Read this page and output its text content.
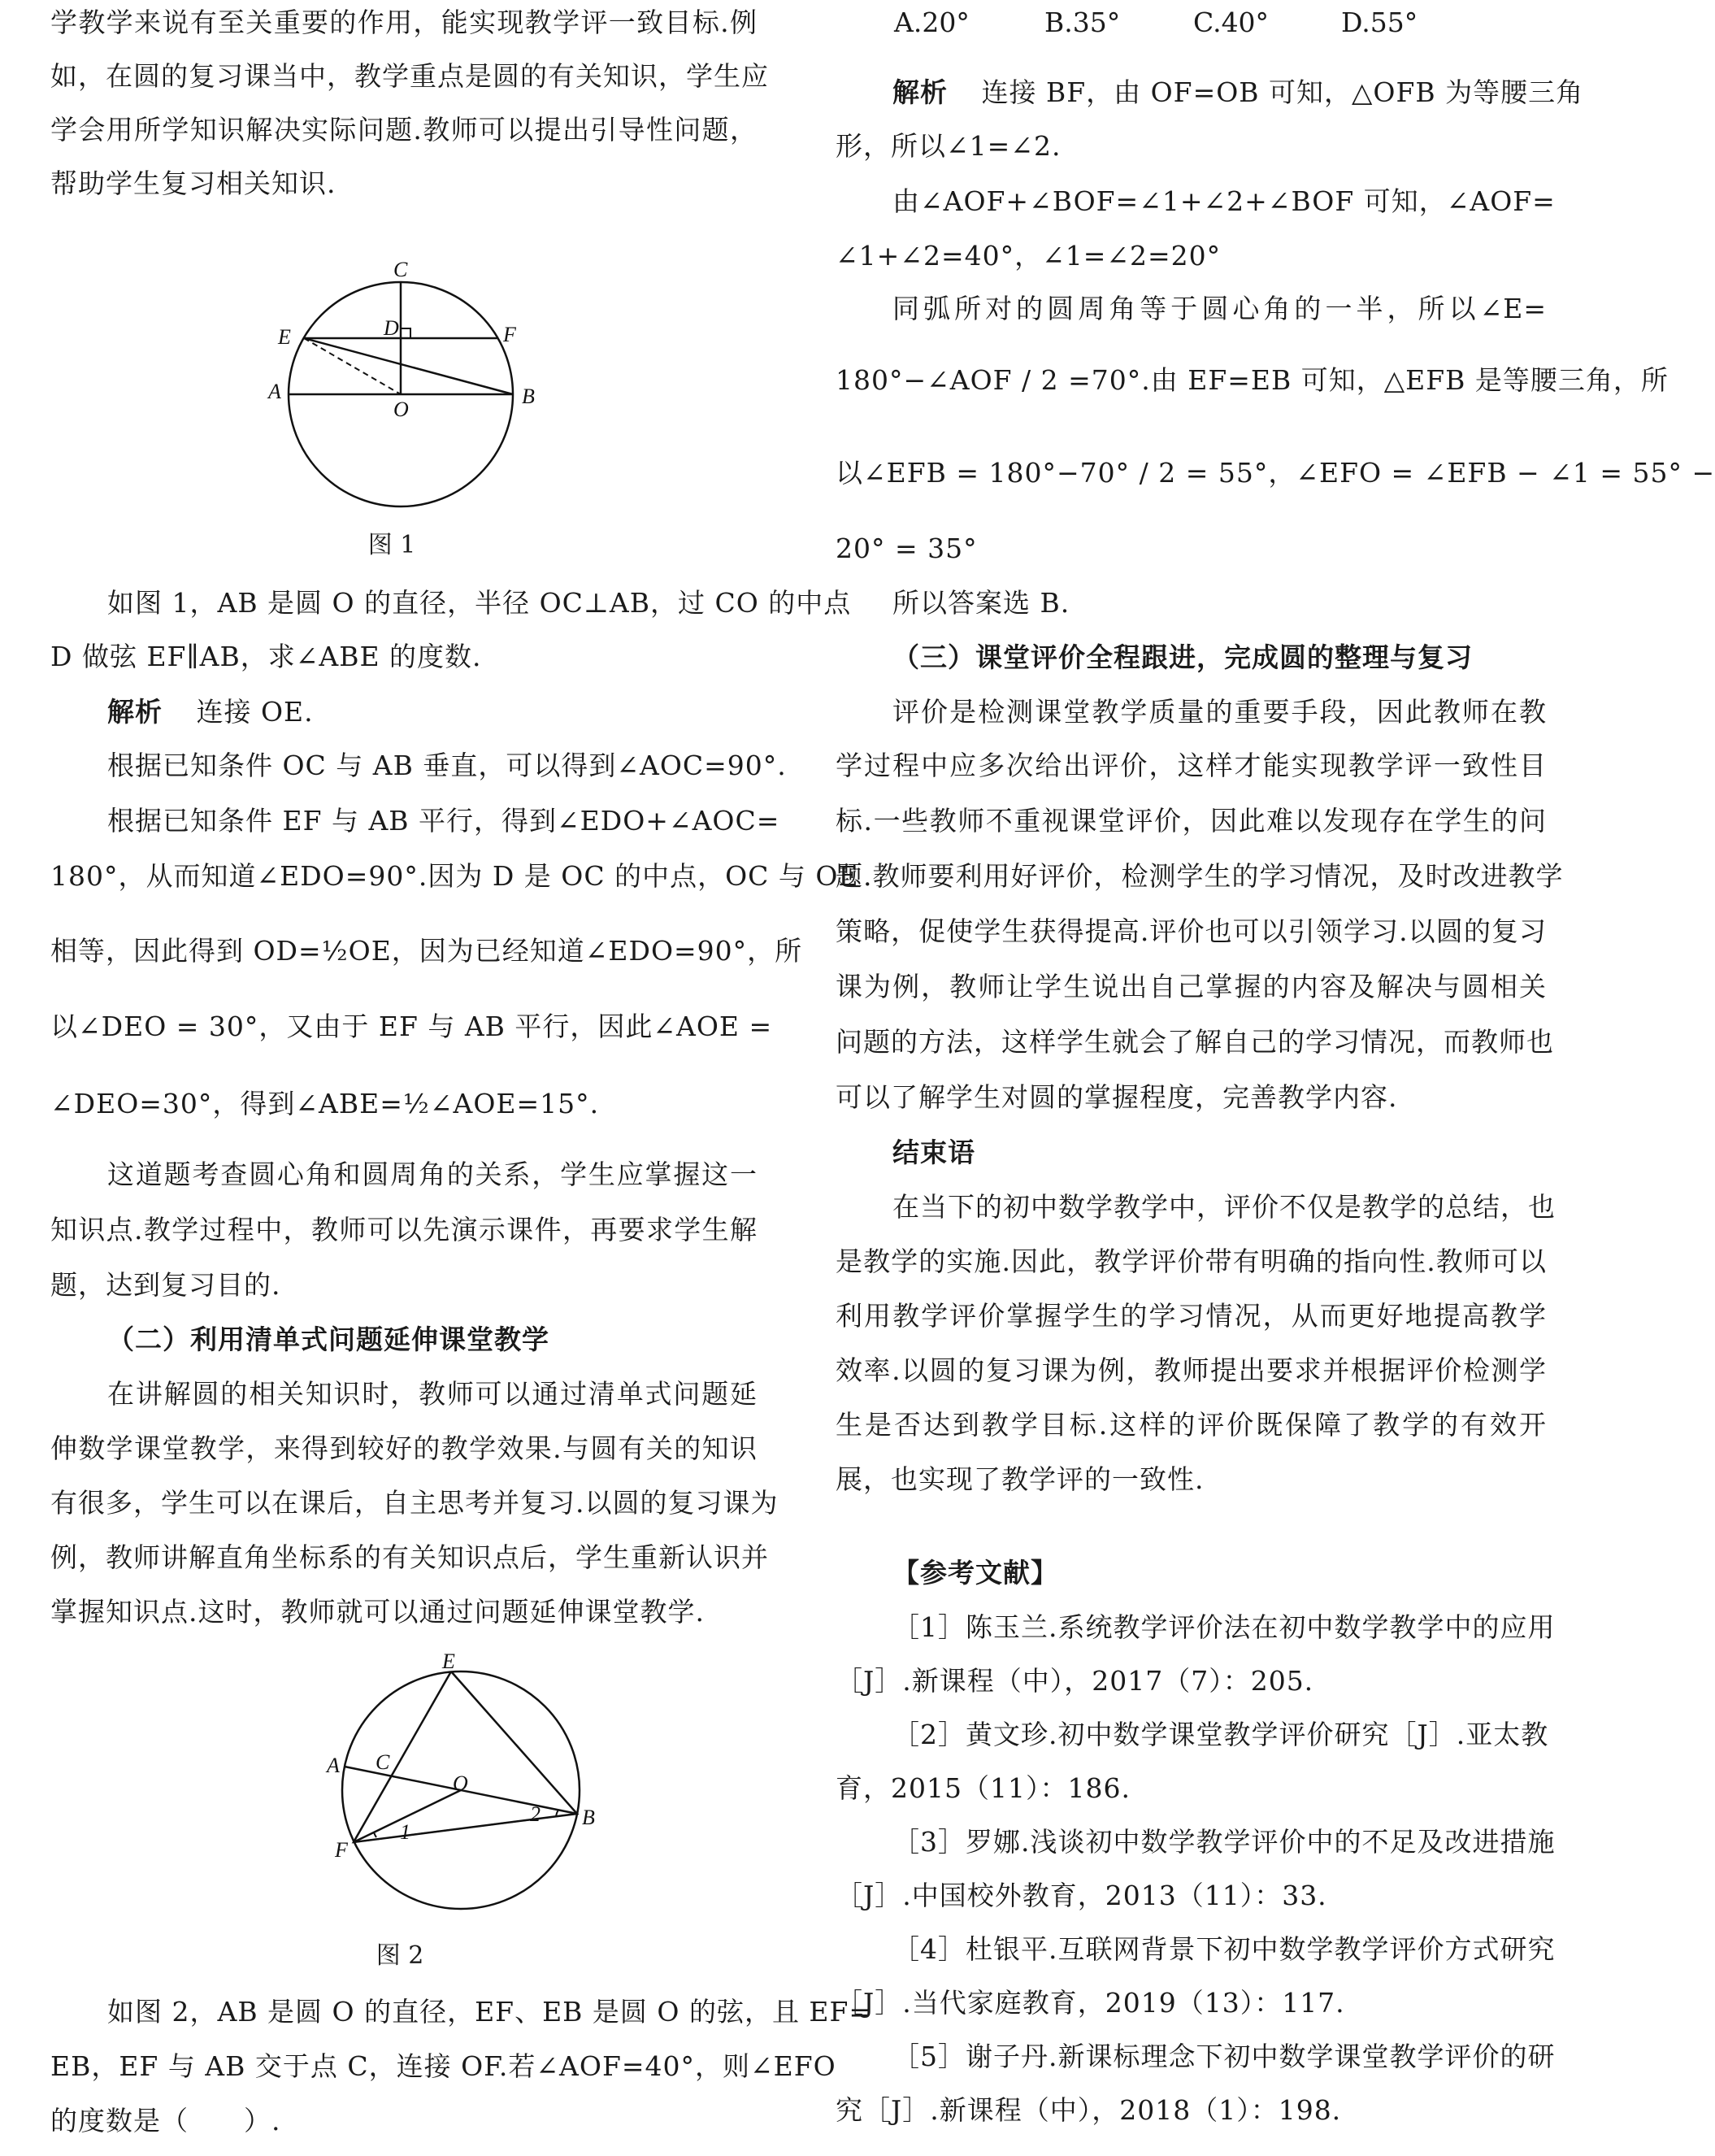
学教学来说有至关重要的作用，能实现教学评一致目标.例
如，在圆的复习课当中，教学重点是圆的有关知识，学生应
学会用所学知识解决实际问题.教师可以提出引导性问题，
帮助学生复习相关知识.
C
E	D	F
A
O
B
图 1
如图 1，AB 是圆 O 的直径，半径 OC⊥AB，过 CO 的中点
D 做弦 EF∥AB，求∠ABE 的度数.
解析 连接 OE.
根据已知条件 OC 与 AB 垂直，可以得到∠AOC=90°.
根据已知条件 EF 与 AB 平行，得到∠EDO+∠AOC=
180°，从而知道∠EDO=90°.因为 D 是 OC 的中点，OC 与 OE
相等，因此得到 OD=½OE，因为已经知道∠EDO=90°，所
以∠DEO = 30°，又由于 EF 与 AB 平行，因此∠AOE =
∠DEO=30°，得到∠ABE=½∠AOE=15°.
这道题考查圆心角和圆周角的关系，学生应掌握这一
知识点.教学过程中，教师可以先演示课件，再要求学生解
题，达到复习目的.
（二）利用清单式问题延伸课堂教学
在讲解圆的相关知识时，教师可以通过清单式问题延
伸数学课堂教学，来得到较好的教学效果.与圆有关的知识
有很多，学生可以在课后，自主思考并复习.以圆的复习课为
例，教师讲解直角坐标系的有关知识点后，学生重新认识并
掌握知识点.这时，教师就可以通过问题延伸课堂教学.
E
A C
O
F
B
1
2
图 2
如图 2，AB 是圆 O 的直径，EF、EB 是圆 O 的弦，且 EF=
EB，EF 与 AB 交于点 C，连接 OF.若∠AOF=40°，则∠EFO
的度数是（　　）.
A.20°	B.35°	C.40°	D.55°
解析 连接 BF，由 OF=OB 可知，△OFB 为等腰三角
形，所以∠1=∠2.
由∠AOF+∠BOF=∠1+∠2+∠BOF 可知，∠AOF=
∠1+∠2=40°，∠1=∠2=20°
同弧所对的圆周角等于圆心角的一半，所以∠E=
180°−∠AOF / 2 =70°.由 EF=EB 可知，△EFB 是等腰三角，所
以∠EFB = 180°−70° / 2 = 55°，∠EFO = ∠EFB − ∠1 = 55° −
20° = 35°
所以答案选 B.
（三）课堂评价全程跟进，完成圆的整理与复习
评价是检测课堂教学质量的重要手段，因此教师在教
学过程中应多次给出评价，这样才能实现教学评一致性目
标.一些教师不重视课堂评价，因此难以发现存在学生的问
题.教师要利用好评价，检测学生的学习情况，及时改进教学
策略，促使学生获得提高.评价也可以引领学习.以圆的复习
课为例，教师让学生说出自己掌握的内容及解决与圆相关
问题的方法，这样学生就会了解自己的学习情况，而教师也
可以了解学生对圆的掌握程度，完善教学内容.
结束语
在当下的初中数学教学中，评价不仅是教学的总结，也
是教学的实施.因此，教学评价带有明确的指向性.教师可以
利用教学评价掌握学生的学习情况，从而更好地提高教学
效率.以圆的复习课为例，教师提出要求并根据评价检测学
生是否达到教学目标.这样的评价既保障了教学的有效开
展，也实现了教学评的一致性.
【参考文献】
［1］陈玉兰.系统教学评价法在初中数学教学中的应用
［J］.新课程（中），2017（7）：205.
［2］黄文珍.初中数学课堂教学评价研究［J］.亚太教
育，2015（11）：186.
［3］罗娜.浅谈初中数学教学评价中的不足及改进措施
［J］.中国校外教育，2013（11）：33.
［4］杜银平.互联网背景下初中数学教学评价方式研究
［J］.当代家庭教育，2019（13）：117.
［5］谢子丹.新课标理念下初中数学课堂教学评价的研
究［J］.新课程（中），2018（1）：198.
